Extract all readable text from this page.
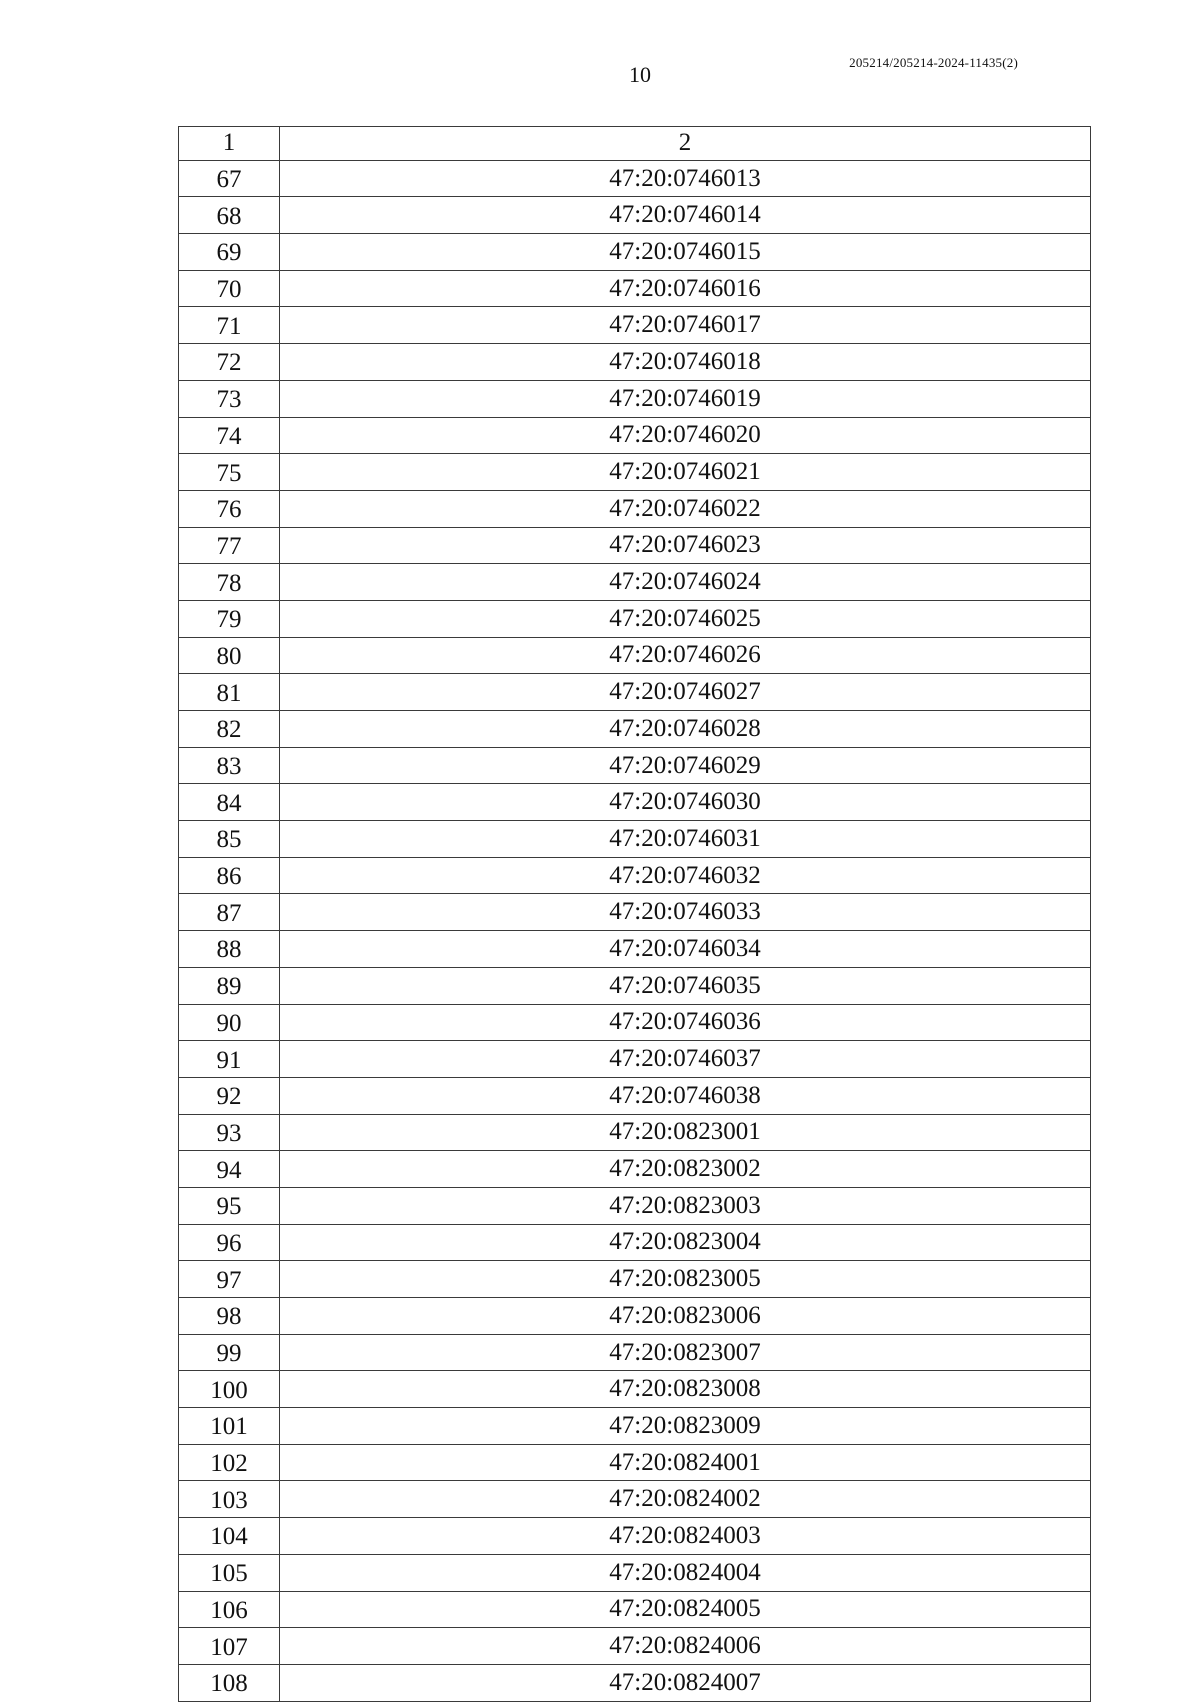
10	205214/205214-2024-11435(2)
1	2
67	47:20:0746013
68	47:20:0746014
69	47:20:0746015
70	47:20:0746016
71	47:20:0746017
72	47:20:0746018
73	47:20:0746019
74	47:20:0746020
75	47:20:0746021
76	47:20:0746022
77	47:20:0746023
78	47:20:0746024
79	47:20:0746025
80	47:20:0746026
81	47:20:0746027
82	47:20:0746028
83	47:20:0746029
84	47:20:0746030
85	47:20:0746031
86	47:20:0746032
87	47:20:0746033
88	47:20:0746034
89	47:20:0746035
90	47:20:0746036
91	47:20:0746037
92	47:20:0746038
93	47:20:0823001
94	47:20:0823002
95	47:20:0823003
96	47:20:0823004
97	47:20:0823005
98	47:20:0823006
99	47:20:0823007
100	47:20:0823008
101	47:20:0823009
102	47:20:0824001
103	47:20:0824002
104	47:20:0824003
105	47:20:0824004
106	47:20:0824005
107	47:20:0824006
108	47:20:0824007
